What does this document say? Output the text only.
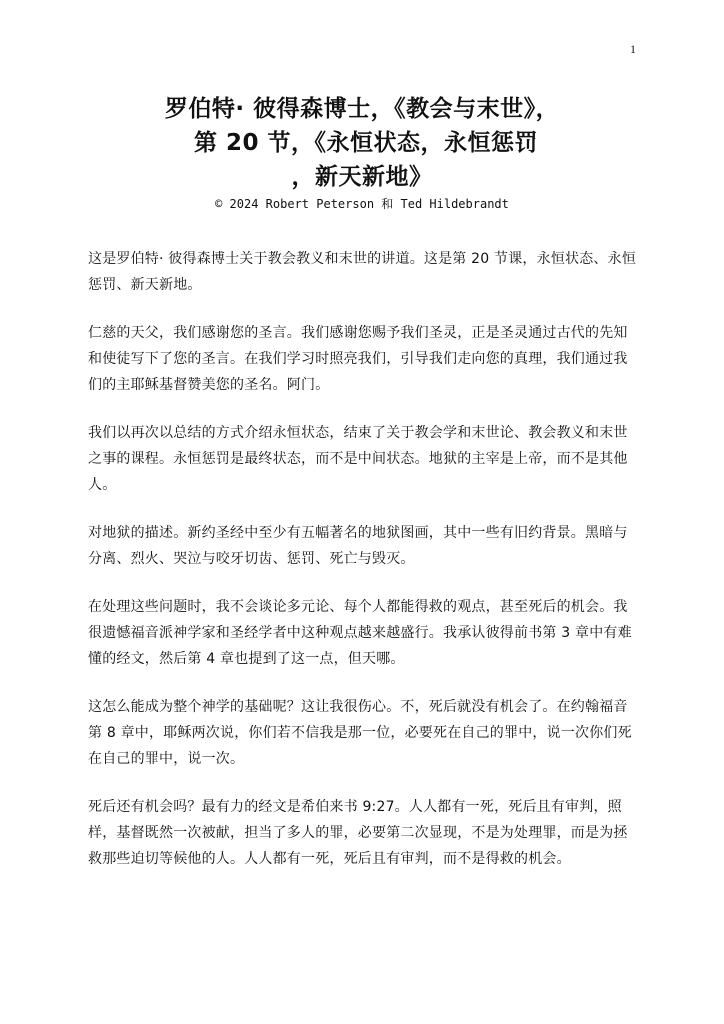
1

罗伯特· 彼得森博士，《教会与末世》，

第 20 节，《永恒状态，永恒惩罚

，新天新地》

© 2024 Robert Peterson 和 Ted Hildebrandt

这是罗伯特· 彼得森博士关于教会教义和末世的讲道。这是第 20 节课，永恒状态、永恒惩罚、新天新地。

仁慈的天父，我们感谢您的圣言。我们感谢您赐予我们圣灵，正是圣灵通过古代的先知和使徒写下了您的圣言。在我们学习时照亮我们，引导我们走向您的真理，我们通过我们的主耶稣基督赞美您的圣名。阿门。

我们以再次以总结的方式介绍永恒状态，结束了关于教会学和末世论、教会教义和末世之事的课程。永恒惩罚是最终状态，而不是中间状态。地狱的主宰是上帝，而不是其他人。

对地狱的描述。新约圣经中至少有五幅著名的地狱图画，其中一些有旧约背景。黑暗与分离、烈火、哭泣与咬牙切齿、惩罚、死亡与毁灭。

在处理这些问题时，我不会谈论多元论、每个人都能得救的观点，甚至死后的机会。我很遗憾福音派神学家和圣经学者中这种观点越来越盛行。我承认彼得前书第 3 章中有难懂的经文，然后第 4 章也提到了这一点，但天哪。

这怎么能成为整个神学的基础呢？这让我很伤心。不，死后就没有机会了。在约翰福音第 8 章中，耶稣两次说，你们若不信我是那一位，必要死在自己的罪中，说一次你们死在自己的罪中，说一次。

死后还有机会吗？最有力的经文是希伯来书 9:27。人人都有一死，死后且有审判，照样，基督既然一次被献，担当了多人的罪，必要第二次显现，不是为处理罪，而是为拯救那些迫切等候他的人。人人都有一死，死后且有审判，而不是得救的机会。
